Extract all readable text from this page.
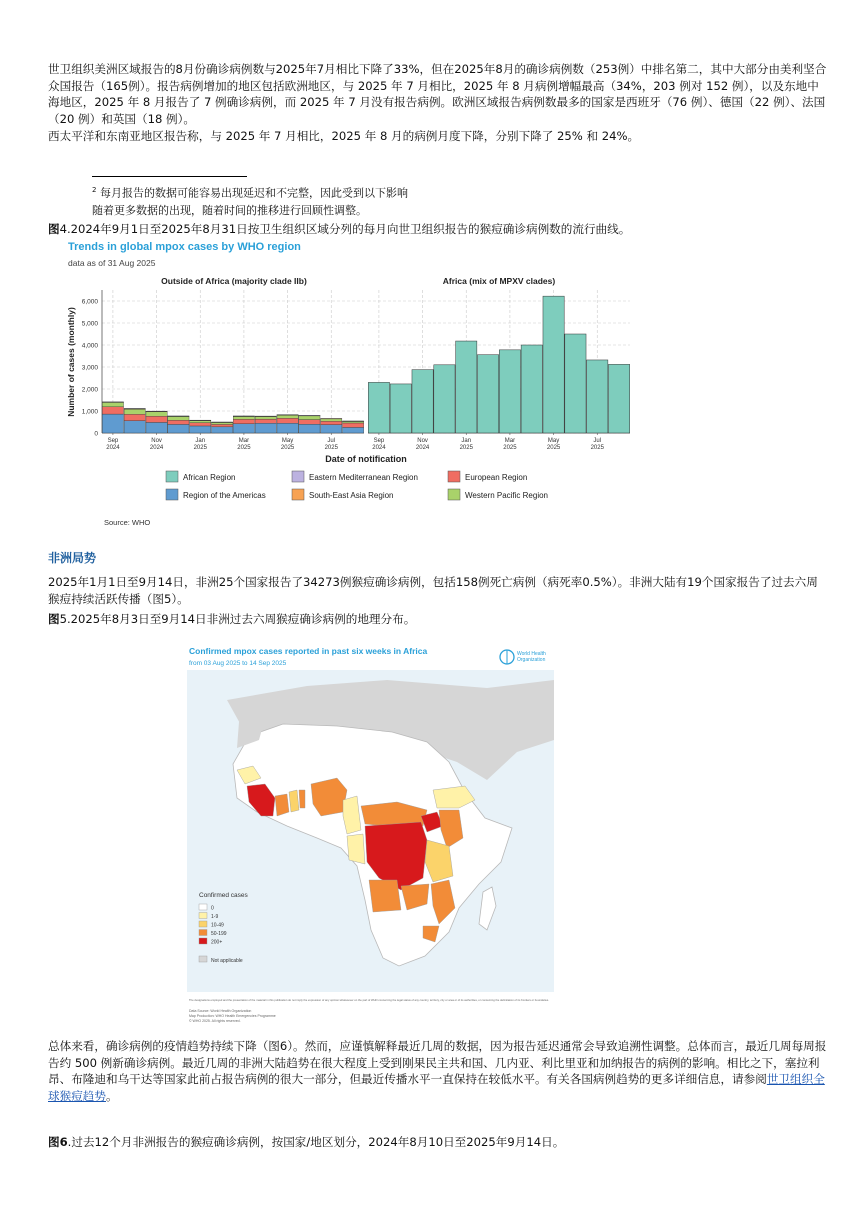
世卫组织美洲区域报告的8月份确诊病例数与2025年7月相比下降了33%，但在2025年8月的确诊病例数（253例）中排名第二，其中大部分由美利坚合众国报告（165例）。报告病例增加的地区包括欧洲地区，与 2025 年 7 月相比，2025 年 8 月病例增幅最高（34%，203 例对 152 例），以及东地中海地区，2025 年 8 月报告了 7 例确诊病例，而 2025 年 7 月没有报告病例。欧洲区域报告病例数最多的国家是西班牙（76 例）、德国（22 例）、法国（20 例）和英国（18 例）。

西太平洋和东南亚地区报告称，与 2025 年 7 月相比，2025 年 8 月的病例月度下降，分别下降了 25% 和 24%。

$^2$ 每月报告的数据可能容易出现延迟和不完整，因此受到以下影响
随着更多数据的出现，随着时间的推移进行回顾性调整。
图4.2024年9月1日至2025年8月31日按卫生组织区域分列的每月向世卫组织报告的猴痘确诊病例数的流行曲线。
Trends in global mpox cases by WHO region
data as of 31 Aug 2025
Outside of Africa (majority clade IIb)	Africa (mix of MPXV clades)
Number of cases (monthly)
Date of notification
0
1,000
2,000
3,000
4,000
5,000
6,000
Sep
2024
Nov
2024
Jan
2025
Mar
2025
May
2025
Jul
2025
Sep
2024
Nov
2024
Jan
2025
Mar
2025
May
2025
Jul
2025
African Region	Eastern Mediterranean Region	European Region
Region of the Americas	South-East Asia Region	Western Pacific Region
Source: WHO
非洲局势

2025年1月1日至9月14日，非洲25个国家报告了34273例猴痘确诊病例，包括158例死亡病例（病死率0.5%）。非洲大陆有19个国家报告了过去六周猴痘持续活跃传播（图5）。

图5.2025年8月3日至9月14日非洲过去六周猴痘确诊病例的地理分布。
Confirmed mpox cases reported in past six weeks in Africa
from 03 Aug 2025 to 14 Sep 2025
World Health
Organization
Confirmed cases
0
1-9
10-49
50-199
200+
Not applicable
The designations employed and the presentation of the material in this publication do not imply the expression of any opinion whatsoever on the part of WHO concerning the legal status of any country, territory, city or area or of its authorities, or concerning the delimitation of its frontiers or boundaries.
Data Source: World Health Organization
Map Production: WHO Health Emergencies Programme
© WHO 2025. All rights reserved.

总体来看，确诊病例的疫情趋势持续下降（图6）。然而，应谨慎解释最近几周的数据，因为报告延迟通常会导致追溯性调整。总体而言，最近几周每周报告约 500 例新确诊病例。最近几周的非洲大陆趋势在很大程度上受到刚果民主共和国、几内亚、利比里亚和加纳报告的病例的影响。相比之下，塞拉利昂、布隆迪和乌干达等国家此前占报告病例的很大一部分，但最近传播水平一直保持在较低水平。有关各国病例趋势的更多详细信息，请参阅世卫组织全球猴痘趋势。

图6.过去12个月非洲报告的猴痘确诊病例，按国家/地区划分，2024年8月10日至2025年9月14日。
